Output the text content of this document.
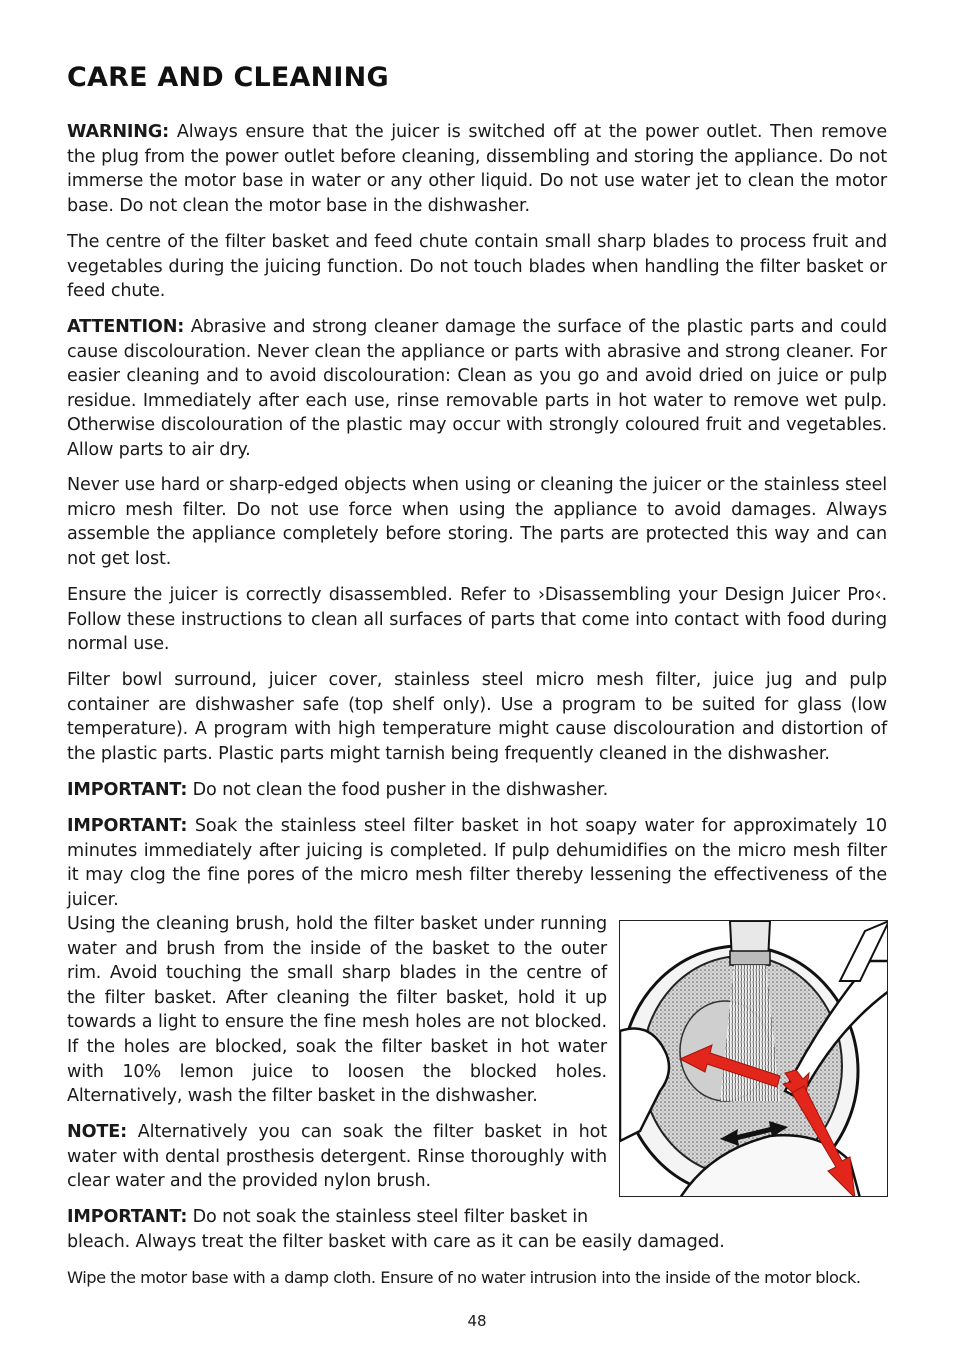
CARE AND CLEANING

WARNING: Always ensure that the juicer is switched off at the power outlet. Then remove the plug from the power outlet before cleaning, dissembling and storing the appliance. Do not immerse the motor base in water or any other liquid. Do not use water jet to clean the motor base. Do not clean the motor base in the dishwasher.

The centre of the filter basket and feed chute contain small sharp blades to process fruit and vegetables during the juicing function. Do not touch blades when handling the filter basket or feed chute.

ATTENTION: Abrasive and strong cleaner damage the surface of the plastic parts and could cause discolouration. Never clean the appliance or parts with abrasive and strong cleaner. For easier cleaning and to avoid discolouration: Clean as you go and avoid dried on juice or pulp residue. Immediately after each use, rinse removable parts in hot water to remove wet pulp. Otherwise discolouration of the plastic may occur with strongly coloured fruit and vegetables. Allow parts to air dry.

Never use hard or sharp-edged objects when using or cleaning the juicer or the stainless steel micro mesh filter. Do not use force when using the appliance to avoid damages. Always assemble the appliance completely before storing. The parts are protected this way and can not get lost.

Ensure the juicer is correctly disassembled. Refer to ›Disassembling your Design Juicer Pro‹. Follow these instructions to clean all surfaces of parts that come into contact with food during normal use.

Filter bowl surround, juicer cover, stainless steel micro mesh filter, juice jug and pulp container are dishwasher safe (top shelf only). Use a program to be suited for glass (low temperature). A program with high temperature might cause discolouration and distortion of the plastic parts. Plastic parts might tarnish being frequently cleaned in the dishwasher.

IMPORTANT: Do not clean the food pusher in the dishwasher.

IMPORTANT: Soak the stainless steel filter basket in hot soapy water for approximately 10 minutes immediately after juicing is completed. If pulp dehumidifies on the micro mesh filter it may clog the fine pores of the micro mesh filter thereby lessening the effectiveness of the juicer.

Using the cleaning brush, hold the filter basket under running water and brush from the inside of the basket to the outer rim. Avoid touching the small sharp blades in the centre of the filter basket. After cleaning the filter basket, hold it up towards a light to ensure the fine mesh holes are not blocked. If the holes are blocked, soak the filter basket in hot water with 10% lemon juice to loosen the blocked holes. Alternatively, wash the filter basket in the dishwasher.

NOTE: Alternatively you can soak the filter basket in hot water with dental prosthesis detergent. Rinse thoroughly with clear water and the provided nylon brush.

IMPORTANT: Do not soak the stainless steel filter basket in
bleach. Always treat the filter basket with care as it can be easily damaged.

Wipe the motor base with a damp cloth. Ensure of no water intrusion into the inside of the motor block.

48
